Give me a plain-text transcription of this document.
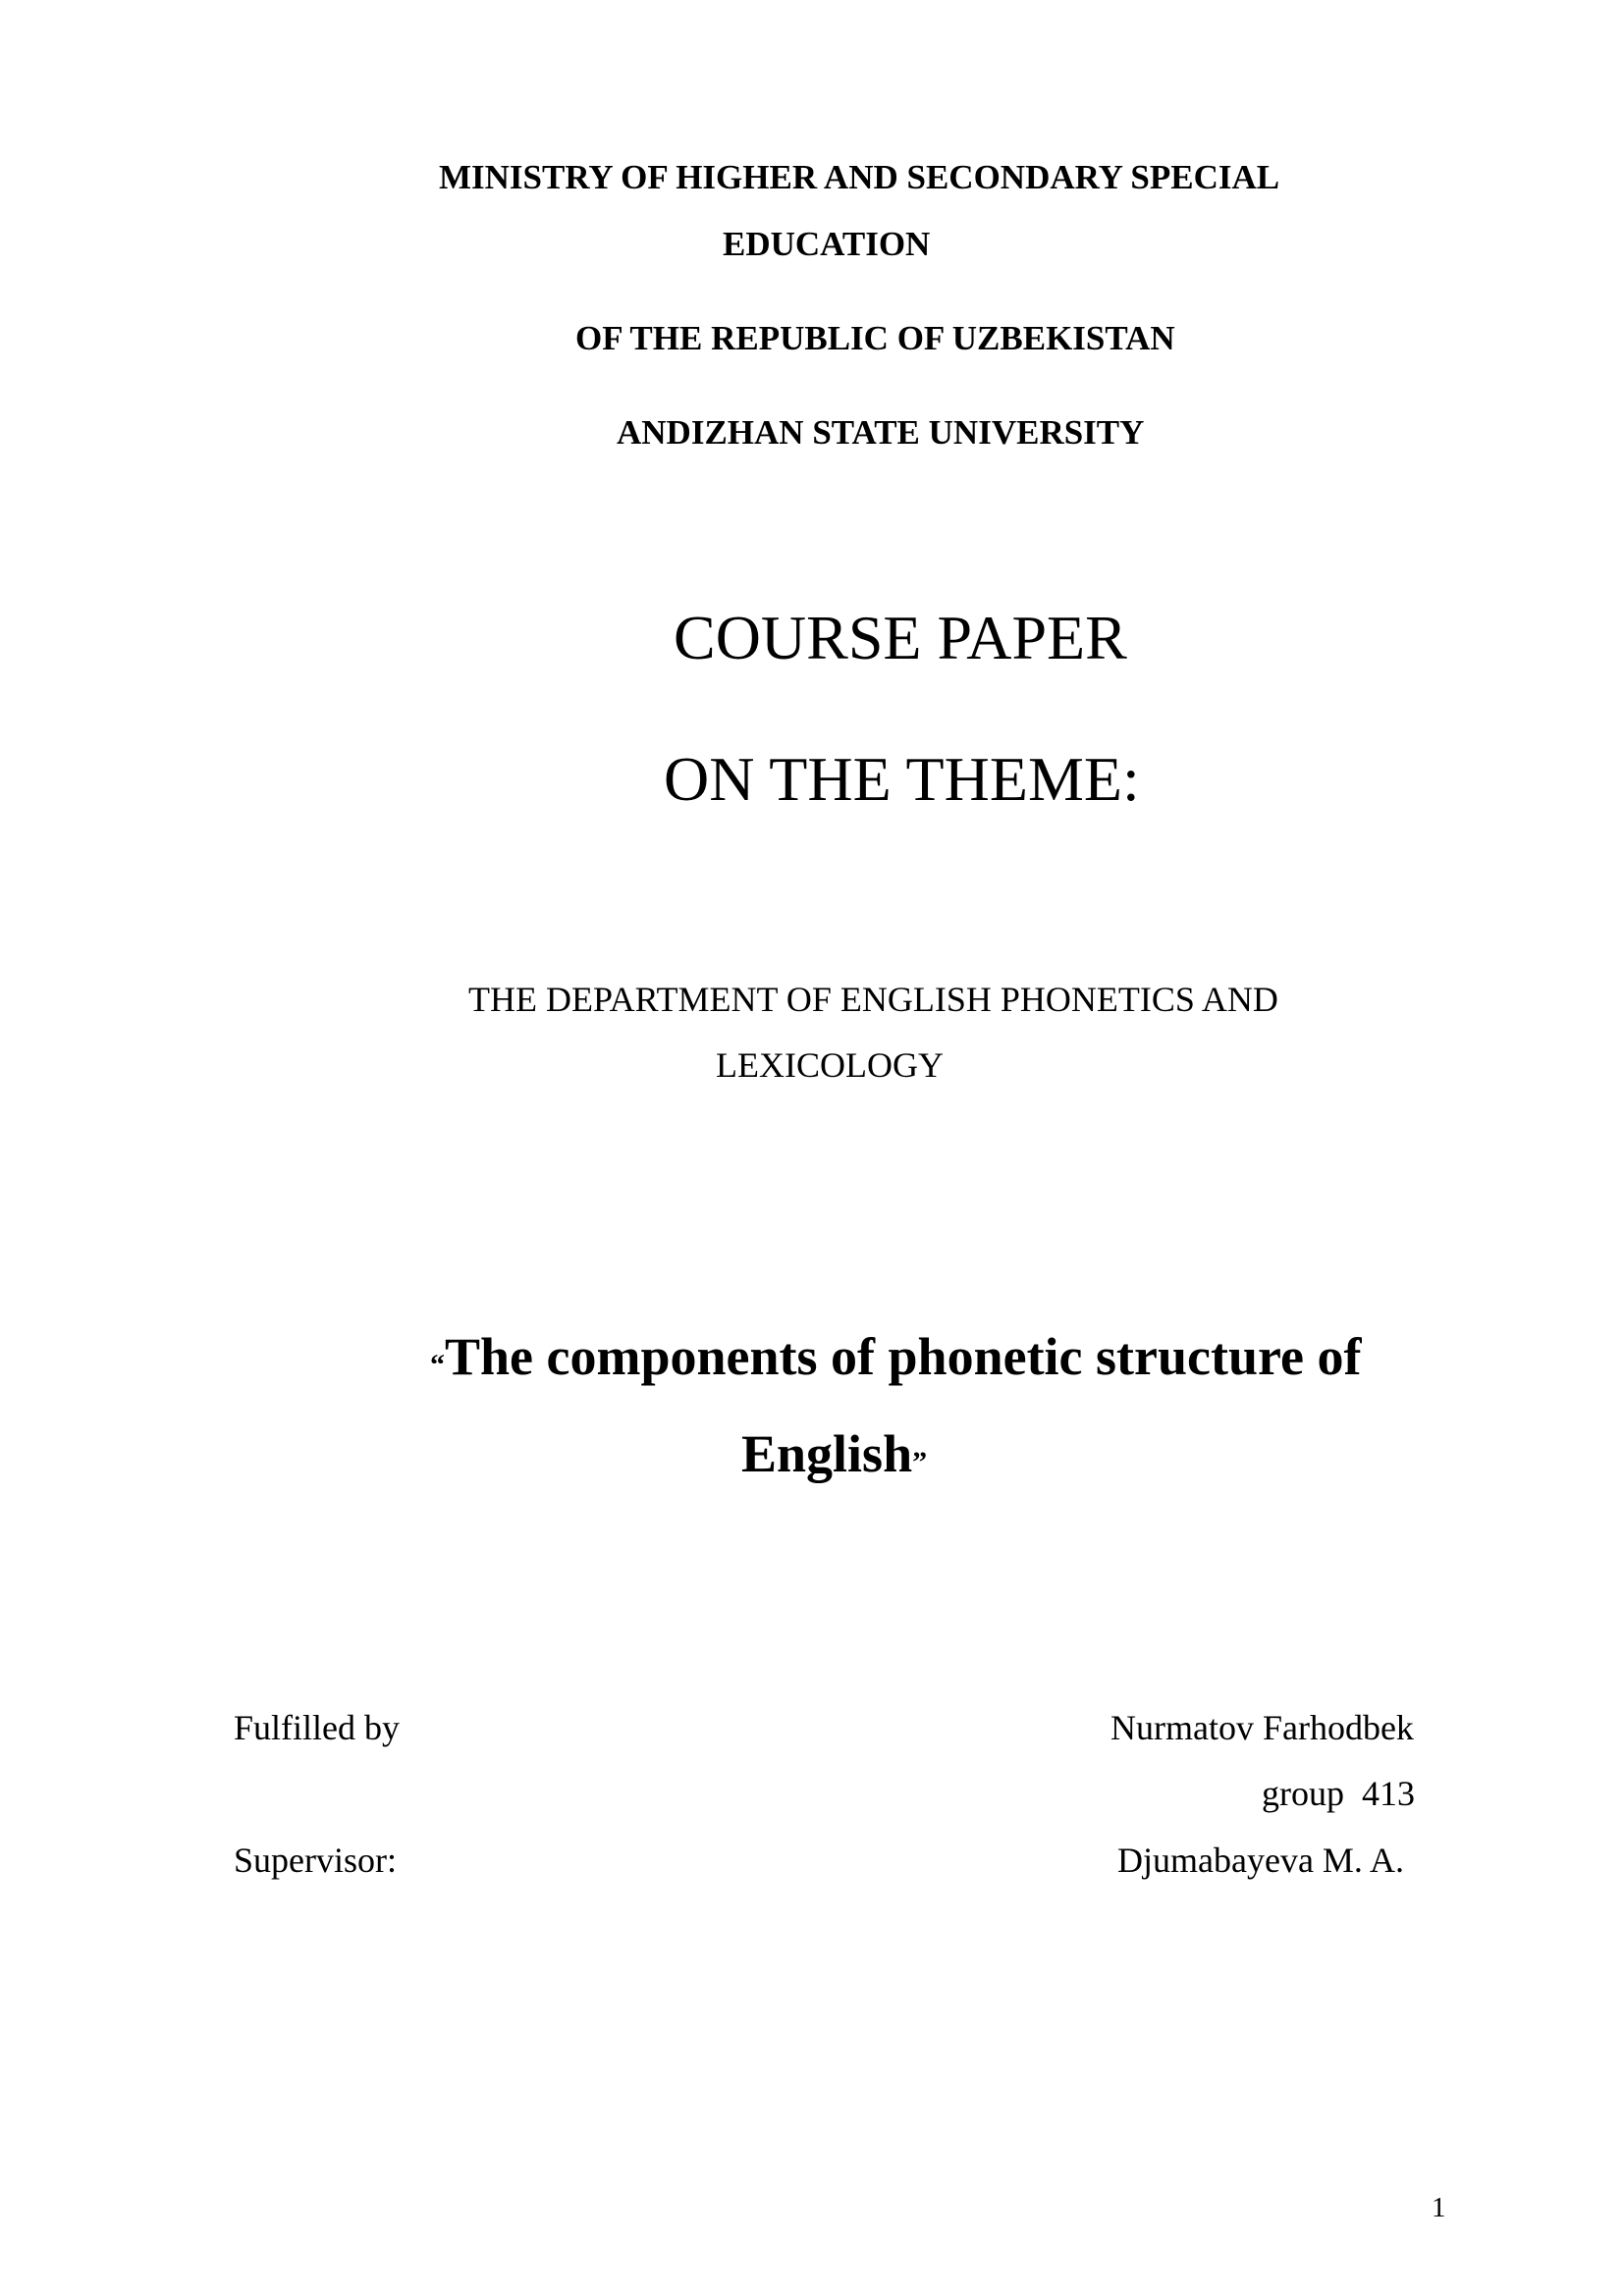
MINISTRY OF HIGHER AND SECONDARY SPECIAL
EDUCATION
OF THE REPUBLIC OF UZBEKISTAN
ANDIZHAN STATE UNIVERSITY
COURSE PAPER
ON THE THEME:
THE DEPARTMENT OF ENGLISH PHONETICS AND
LEXICOLOGY
“The components of phonetic structure of
English”
Fulfilled by	Nurmatov Farhodbek
group  413
Supervisor:	Djumabayeva M. A.
1
